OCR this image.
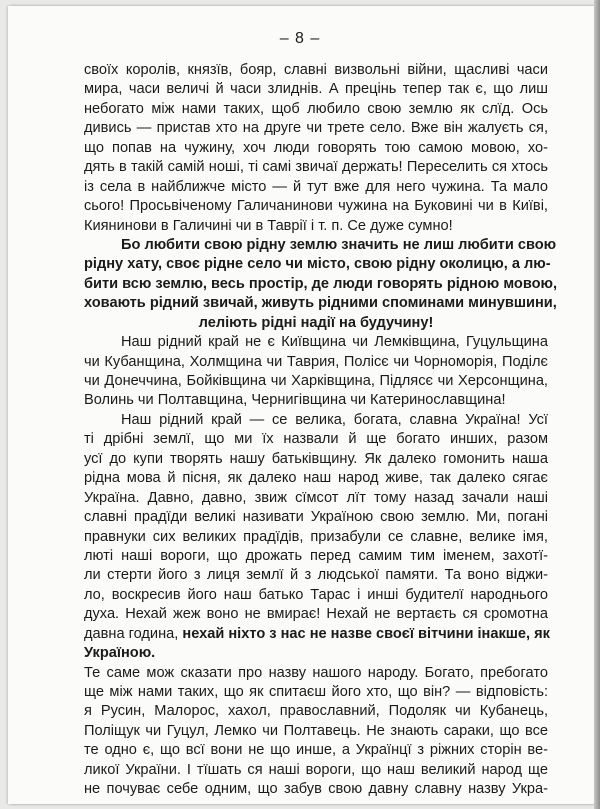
– 8 –
своїх королів, князїв, бояр, славні визвольні війни, щасливі часи
мира, часи величі й часи злиднів. А прецінь тепер так є, що лиш
небогато між нами таких, щоб любило свою землю як слїд. Ось
дивись — пристав хто на друге чи трете село. Вже він жалуєть ся,
що попав на чужину, хоч люди говорять тою самою мовою, хо-
дять в такій самій ноші, ті самі звичаї держать! Переселить ся хтось
із села в найближче місто — й тут вже для него чужина. Та мало
сього! Просьвіченому Галичанинови чужина на Буковині чи в Київі,
Киянинови в Галичині чи в Таврії і т. п. Се дуже сумно!
Бо любити свою рідну землю значить не лиш любити свою
рідну хату, своє рідне село чи місто, свою рідну околицю, а лю-
бити всю землю, весь простір, де люди говорять рідною мовою,
ховають рідний звичай, живуть рідними споминами минувшини,
леліють рідні надії на будучину!
Наш рідний край не є Київщина чи Лемківщина, Гуцульщина
чи Кубанщина, Холмщина чи Таврия, Полісє чи Чорноморія, Поділє
чи Донеччина, Бойківщина чи Харківщина, Підлясє чи Херсонщина,
Волинь чи Полтавщина, Чернигівщина чи Катеринославщина!
Наш рідний край — се велика, богата, славна Україна! Усї
ті дрібні землї, що ми їх назвали й ще богато инших, разом
усї до купи творять нашу батьківщину. Як далеко гомонить наша
рідна мова й пісня, як далеко наш народ живе, так далеко сягає
Україна. Давно, давно, звиж сїмсот лїт тому назад зачали наші
славні прадїди великі називати Україною свою землю. Ми, погані
правнуки сих великих прадїдів, призабули се славне, велике імя,
люті наші вороги, що дрожать перед самим тим іменем, захотї-
ли стерти його з лиця землї й з людської памяти. Та воно віджи-
ло, воскресив його наш батько Тарас і инші будителї народнього
духа. Нехай жеж воно не вмирає! Нехай не вертаєть ся сромотна
давна година, нехай ніхто з нас не назве своєї вітчини інакше, як
Україною.
Те саме мож сказати про назву нашого народу. Богато, пребогато
ще між нами таких, що як спитаєш його хто, що він? — відповість:
я Русин, Малорос, хахол, православний, Подоляк чи Кубанець,
Поліщук чи Гуцул, Лемко чи Полтавець. Не знають сараки, що все
те одно є, що всї вони не що инше, а Українцї з ріжних сторін ве-
ликої України. І тїшать ся наші вороги, що наш великий народ ще
не почуває себе одним, що забув свою давну славну назву Укра-
